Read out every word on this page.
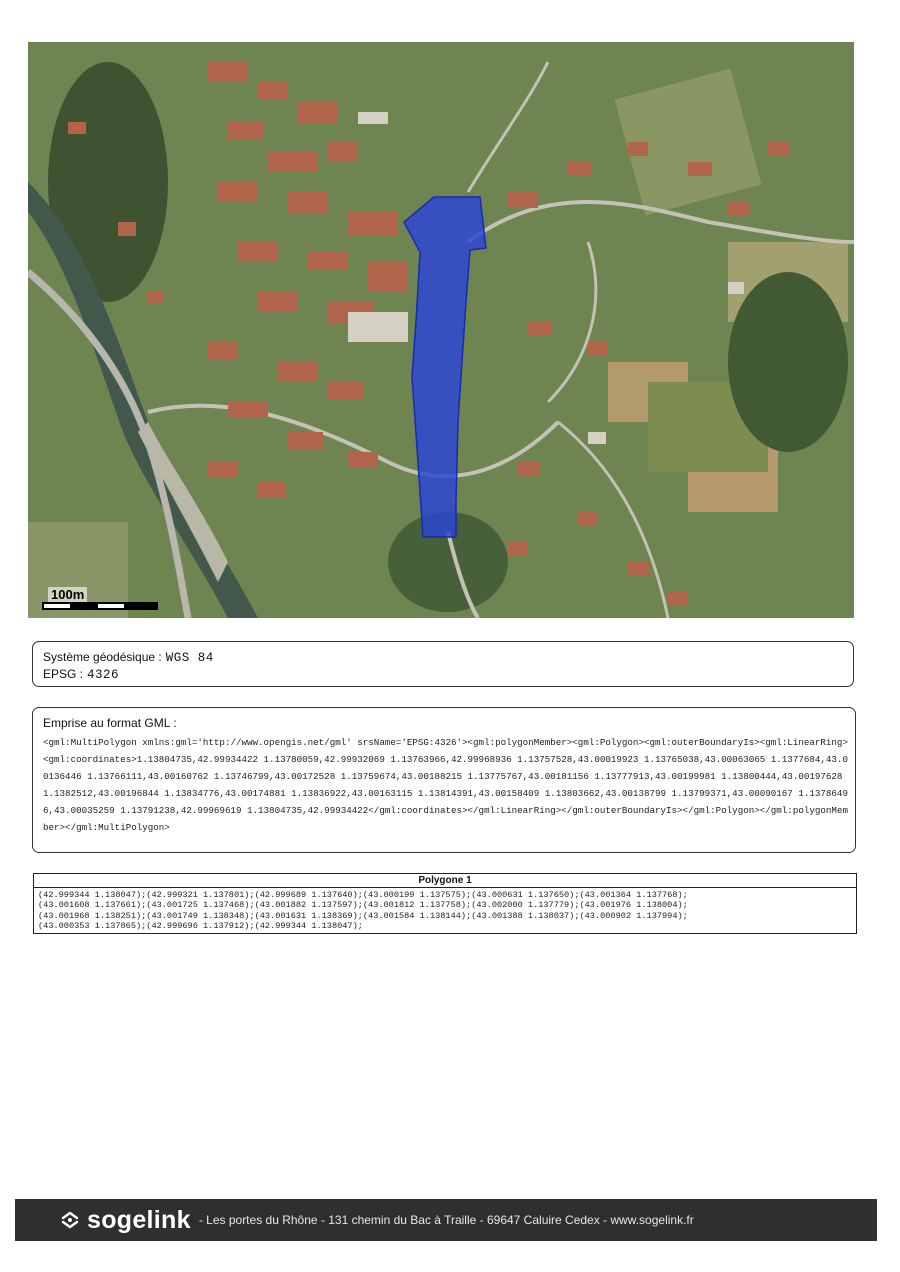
100m
Système géodésique : WGS 84
EPSG : 4326
Emprise au format GML :
<gml:MultiPolygon xmlns:gml='http://www.opengis.net/gml' srsName='EPSG:4326'><gml:polygonMember><gml:Polygon><gml:outerBoundaryIs><gml:LinearRing><gml:coordinates>1.13804735,42.99934422 1.13780059,42.99932069 1.13763966,42.99968936 1.13757528,43.00019923 1.13765038,43.00063065 1.1377684,43.00136446 1.13766111,43.00160762 1.13746799,43.00172528 1.13759674,43.00188215 1.13775767,43.00181156 1.13777913,43.00199981 1.13800444,43.00197628 1.1382512,43.00196844 1.13834776,43.00174881 1.13836922,43.00163115 1.13814391,43.00158409 1.13803662,43.00138799 1.13799371,43.00090167 1.13786496,43.00035259 1.13791238,42.99969619 1.13804735,42.99934422</gml:coordinates></gml:LinearRing></gml:outerBoundaryIs></gml:Polygon></gml:polygonMember></gml:MultiPolygon>
Polygone 1
(42.999344 1.138047);(42.999321 1.137801);(42.999689 1.137640);(43.000199 1.137575);(43.000631 1.137650);(43.001364 1.137768);
(43.001608 1.137661);(43.001725 1.137468);(43.001882 1.137597);(43.001812 1.137758);(43.002000 1.137779);(43.001976 1.138004);
(43.001968 1.138251);(43.001749 1.138348);(43.001631 1.138369);(43.001584 1.138144);(43.001388 1.138037);(43.000902 1.137994);
(43.000353 1.137865);(42.999696 1.137912);(42.999344 1.138047);
sogelink - Les portes du Rhône - 131 chemin du Bac à Traille - 69647 Caluire Cedex - www.sogelink.fr
